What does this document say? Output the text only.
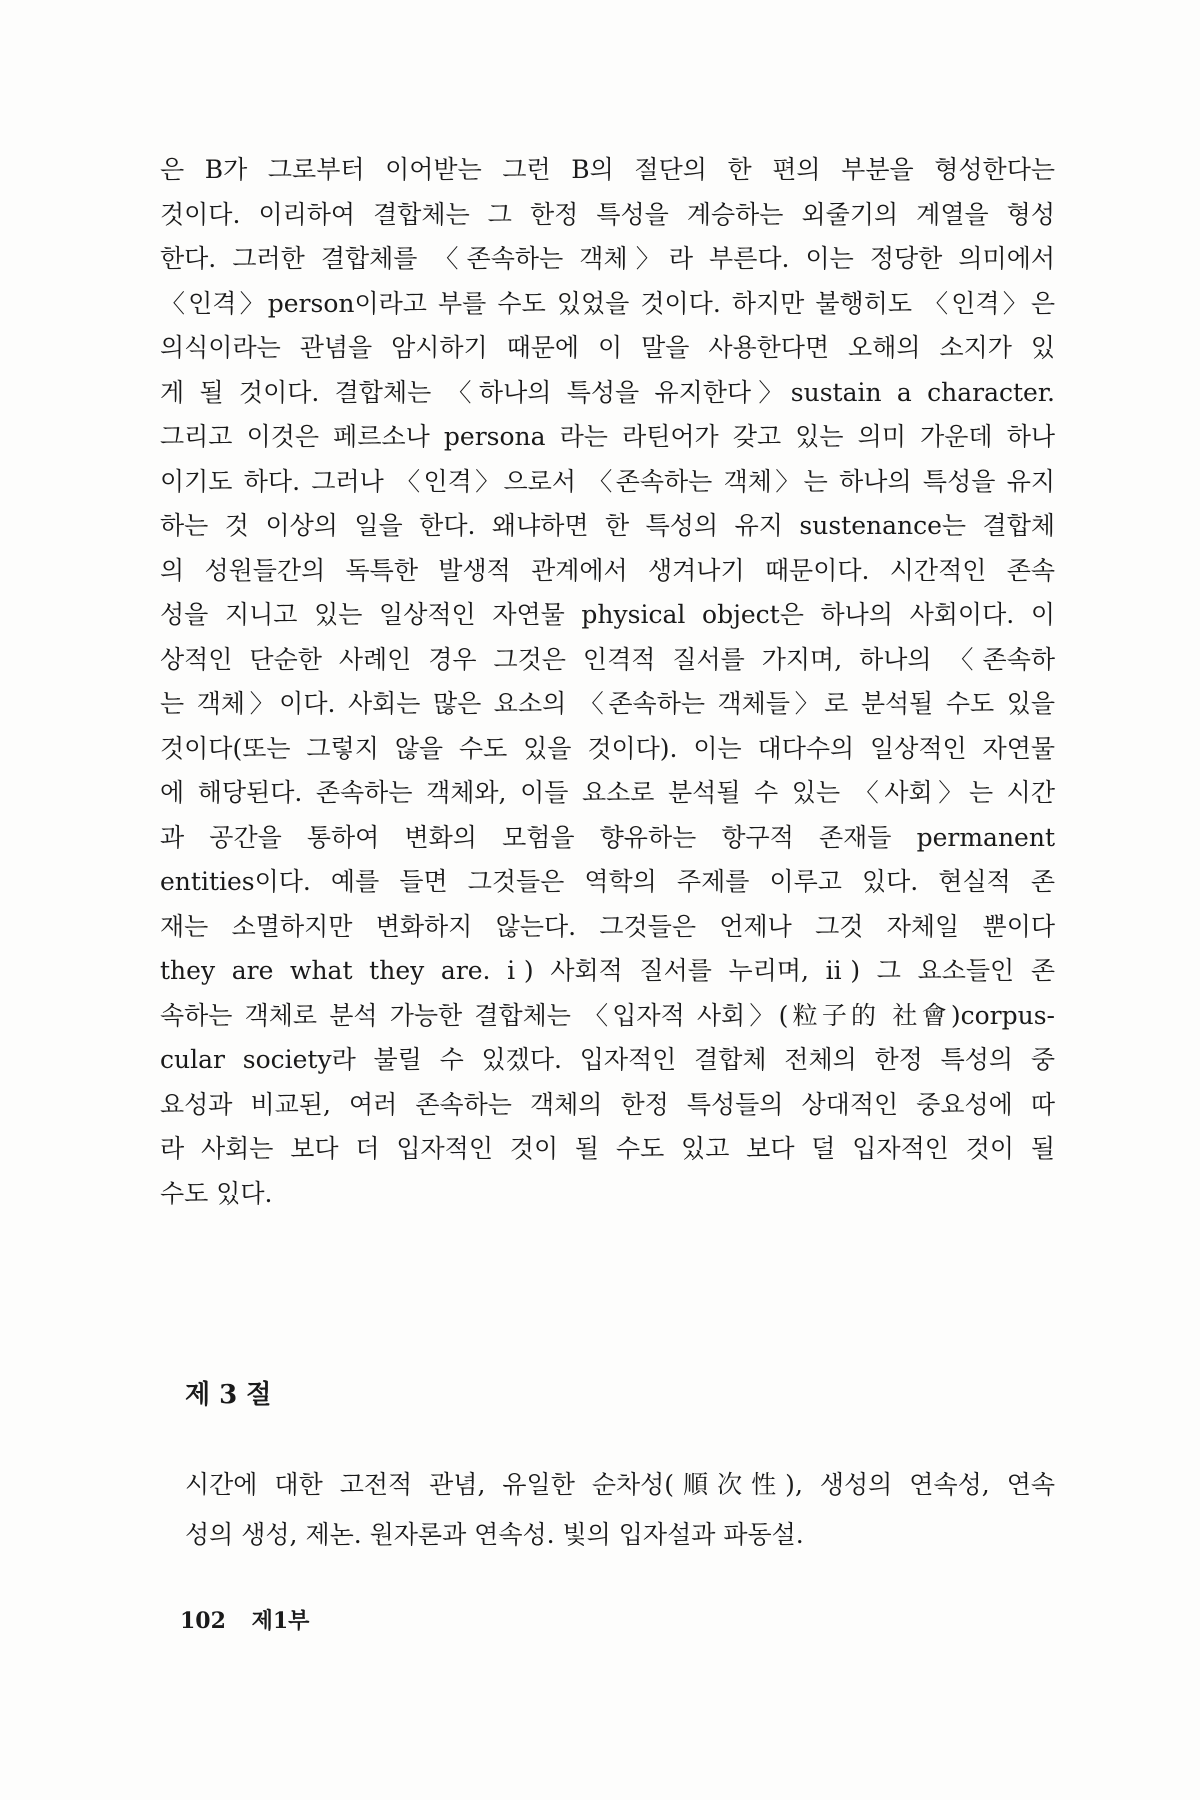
은 B가 그로부터 이어받는 그런 B의 절단의 한 편의 부분을 형성한다는
것이다. 이리하여 결합체는 그 한정 특성을 계승하는 외줄기의 계열을 형성
한다. 그러한 결합체를 〈존속하는 객체〉라 부른다. 이는 정당한 의미에서
〈인격〉person이라고 부를 수도 있었을 것이다. 하지만 불행히도 〈인격〉은
의식이라는 관념을 암시하기 때문에 이 말을 사용한다면 오해의 소지가 있
게 될 것이다. 결합체는 〈하나의 특성을 유지한다〉sustain a character.
그리고 이것은 페르소나 persona 라는 라틴어가 갖고 있는 의미 가운데 하나
이기도 하다. 그러나 〈인격〉으로서 〈존속하는 객체〉는 하나의 특성을 유지
하는 것 이상의 일을 한다. 왜냐하면 한 특성의 유지 sustenance는 결합체
의 성원들간의 독특한 발생적 관계에서 생겨나기 때문이다. 시간적인 존속
성을 지니고 있는 일상적인 자연물 physical object은 하나의 사회이다. 이
상적인 단순한 사례인 경우 그것은 인격적 질서를 가지며, 하나의 〈존속하
는 객체〉이다. 사회는 많은 요소의 〈존속하는 객체들〉로 분석될 수도 있을
것이다(또는 그렇지 않을 수도 있을 것이다). 이는 대다수의 일상적인 자연물
에 해당된다. 존속하는 객체와, 이들 요소로 분석될 수 있는 〈사회〉는 시간
과 공간을 통하여 변화의 모험을 향유하는 항구적 존재들 permanent
entities이다. 예를 들면 그것들은 역학의 주제를 이루고 있다. 현실적 존
재는 소멸하지만 변화하지 않는다. 그것들은 언제나 그것 자체일 뿐이다
they are what they are. ⅰ) 사회적 질서를 누리며, ⅱ) 그 요소들인 존
속하는 객체로 분석 가능한 결합체는 〈입자적 사회〉(粒子的 社會)corpus-
cular society라 불릴 수 있겠다. 입자적인 결합체 전체의 한정 특성의 중
요성과 비교된, 여러 존속하는 객체의 한정 특성들의 상대적인 중요성에 따
라 사회는 보다 더 입자적인 것이 될 수도 있고 보다 덜 입자적인 것이 될
수도 있다.
제 3 절
시간에 대한 고전적 관념, 유일한 순차성(順次性), 생성의 연속성, 연속
성의 생성, 제논. 원자론과 연속성. 빛의 입자설과 파동설.
102 제1부
